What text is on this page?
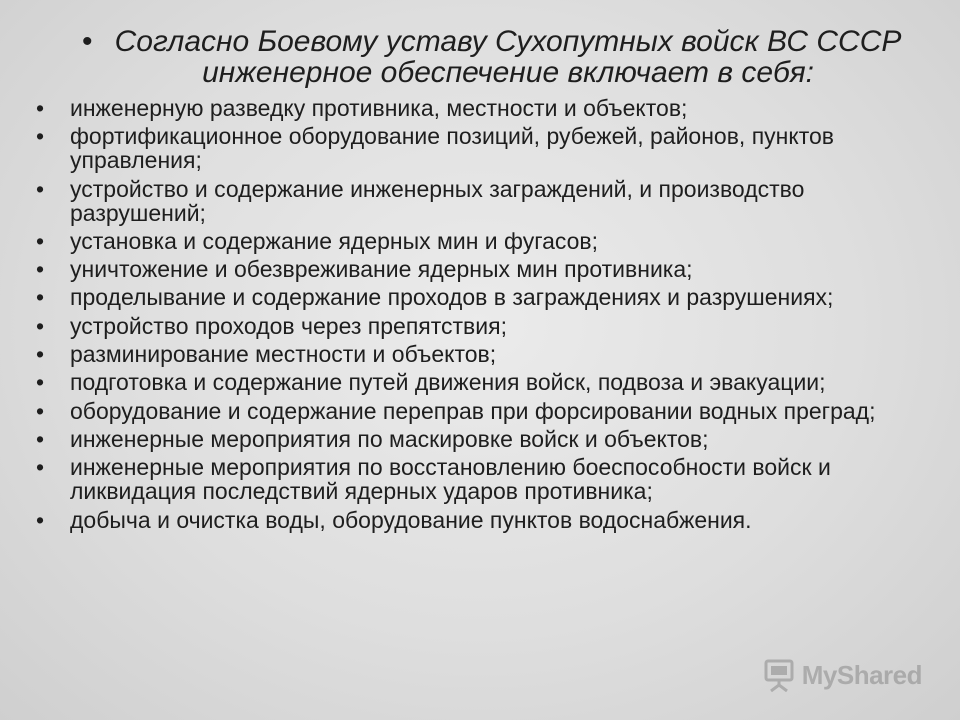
• Согласно Боевому уставу Сухопутных войск ВС СССР инженерное обеспечение включает в себя:
•	инженерную разведку противника, местности и объектов;
•	фортификационное оборудование позиций, рубежей, районов, пунктов управления;
•	устройство и содержание инженерных заграждений, и производство разрушений;
•	установка и содержание ядерных мин и фугасов;
•	уничтожение и обезвреживание ядерных мин противника;
•	проделывание и содержание проходов в заграждениях и разрушениях;
•	устройство проходов через препятствия;
•	разминирование местности и объектов;
•	подготовка и содержание путей движения войск, подвоза и эвакуации;
•	оборудование и содержание переправ при форсировании водных преград;
•	инженерные мероприятия по маскировке войск и объектов;
•	инженерные мероприятия по восстановлению боеспособности войск и ликвидация последствий ядерных ударов противника;
•	добыча и очистка воды, оборудование пунктов водоснабжения.
MyShared
